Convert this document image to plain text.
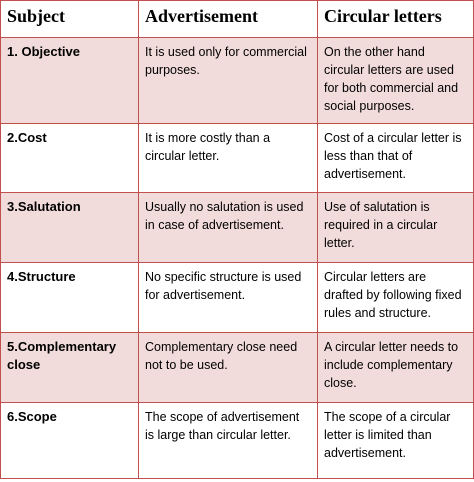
Subject	Advertisement	Circular letters
1. Objective	It is used only for commercial purposes.	On the other hand circular letters are used for both commercial and social purposes.
2.Cost	It is more costly than a circular letter.	Cost of a circular letter is less than that of advertisement.
3.Salutation	Usually no salutation is used in case of advertisement.	Use of salutation is required in a circular letter.
4.Structure	No specific structure is used for advertisement.	Circular letters are drafted by following fixed rules and structure.
5.Complementary close	Complementary close need not to be used.	A circular letter needs to include complementary close.
6.Scope	The scope of advertisement is large than circular letter.	The scope of a circular letter is limited than advertisement.
